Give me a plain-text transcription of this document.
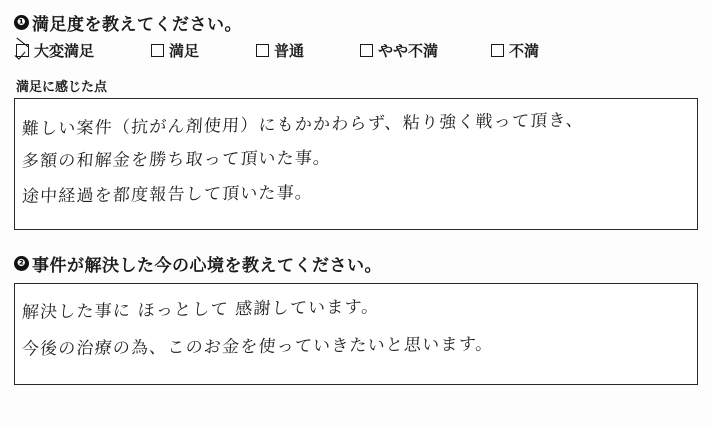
❶ 満足度を教えてください。
大変満足	満足	普通	やや不満	不満
満足に感じた点
難しい案件（抗がん剤使用）にもかかわらず、粘り強く戦って頂き、
多額の和解金を勝ち取って頂いた事。
途中経過を都度報告して頂いた事。
❷ 事件が解決した今の心境を教えてください。
解決した事に ほっとして 感謝しています。
今後の治療の為、このお金を使っていきたいと思います。
